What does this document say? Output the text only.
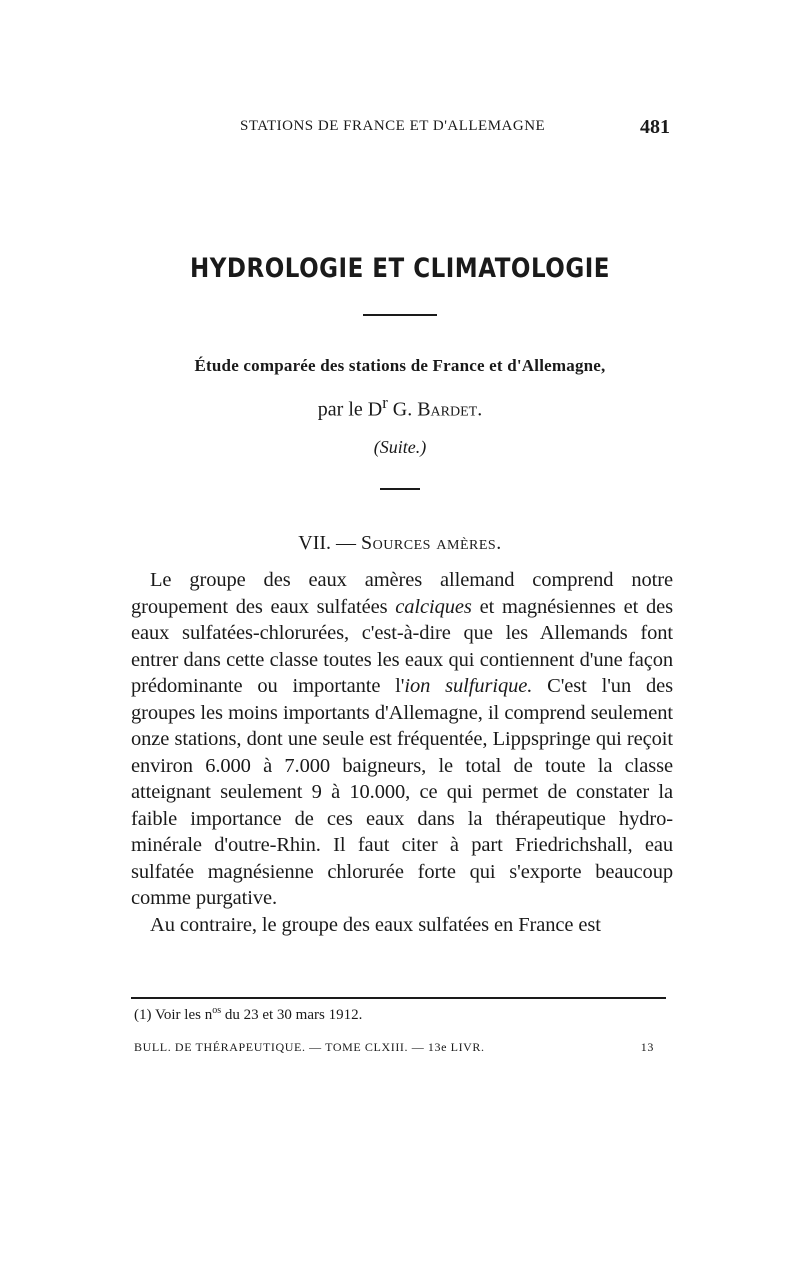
STATIONS DE FRANCE ET D'ALLEMAGNE	481
HYDROLOGIE ET CLIMATOLOGIE
Étude comparée des stations de France et d'Allemagne,
par le $D^r$ G. Bardet.
(Suite.)
VII. — Sources amères.

Le groupe des eaux amères allemand comprend notre groupement des eaux sulfatées calciques et magnésiennes et des eaux sulfatées-chlorurées, c'est-à-dire que les Allemands font entrer dans cette classe toutes les eaux qui contiennent d'une façon prédominante ou importante l'ion sulfurique. C'est l'un des groupes les moins importants d'Allemagne, il comprend seulement onze stations, dont une seule est fréquentée, Lippspringe qui reçoit environ 6.000 à 7.000 baigneurs, le total de toute la classe atteignant seulement 9 à 10.000, ce qui permet de constater la faible importance de ces eaux dans la thérapeutique hydro-minérale d'outre-Rhin. Il faut citer à part Friedrichshall, eau sulfatée magnésienne chlorurée forte qui s'exporte beaucoup comme purgative.

Au contraire, le groupe des eaux sulfatées en France est

(1) Voir les $n^{os}$ du 23 et 30 mars 1912.
BULL. DE THÉRAPEUTIQUE. — TOME CLXIII. — 13e LIVR.	13
